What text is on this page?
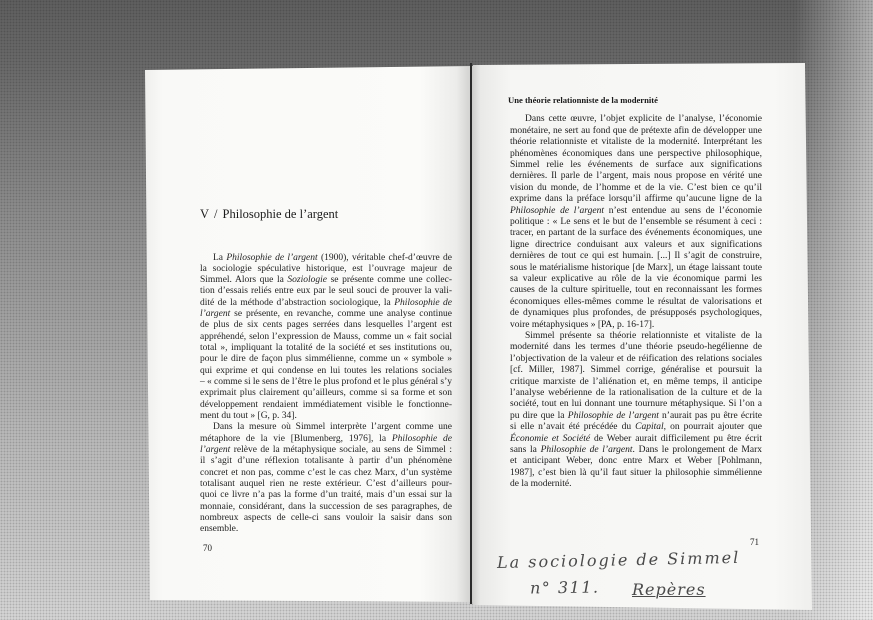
V / Philosophie de l’argent
La Philosophie de l’argent (1900), véritable chef-d’œuvre de
la sociologie spéculative historique, est l’ouvrage majeur de
Simmel. Alors que la Soziologie se présente comme une collec-
tion d’essais reliés entre eux par le seul souci de prouver la vali-
dité de la méthode d’abstraction sociologique, la Philosophie de
l’argent se présente, en revanche, comme une analyse continue
de plus de six cents pages serrées dans lesquelles l’argent est
appréhendé, selon l’expression de Mauss, comme un « fait social
total », impliquant la totalité de la société et ses institutions ou,
pour le dire de façon plus simmélienne, comme un « symbole »
qui exprime et qui condense en lui toutes les relations sociales
– « comme si le sens de l’être le plus profond et le plus général s’y
exprimait plus clairement qu’ailleurs, comme si sa forme et son
développement rendaient immédiatement visible le fonctionne-
ment du tout » [G, p. 34].
Dans la mesure où Simmel interprète l’argent comme une
métaphore de la vie [Blumenberg, 1976], la Philosophie de
l’argent relève de la métaphysique sociale, au sens de Simmel :
il s’agit d’une réflexion totalisante à partir d’un phénomène
concret et non pas, comme c’est le cas chez Marx, d’un système
totalisant auquel rien ne reste extérieur. C’est d’ailleurs pour-
quoi ce livre n’a pas la forme d’un traité, mais d’un essai sur la
monnaie, considérant, dans la succession de ses paragraphes, de
nombreux aspects de celle-ci sans vouloir la saisir dans son
ensemble.
70
Une théorie relationniste de la modernité
Dans cette œuvre, l’objet explicite de l’analyse, l’économie
monétaire, ne sert au fond que de prétexte afin de développer une
théorie relationniste et vitaliste de la modernité. Interprétant les
phénomènes économiques dans une perspective philosophique,
Simmel relie les événements de surface aux significations
dernières. Il parle de l’argent, mais nous propose en vérité une
vision du monde, de l’homme et de la vie. C’est bien ce qu’il
exprime dans la préface lorsqu’il affirme qu’aucune ligne de la
Philosophie de l’argent n’est entendue au sens de l’économie
politique : « Le sens et le but de l’ensemble se résument à ceci :
tracer, en partant de la surface des événements économiques, une
ligne directrice conduisant aux valeurs et aux significations
dernières de tout ce qui est humain. [...] Il s’agit de construire,
sous le matérialisme historique [de Marx], un étage laissant toute
sa valeur explicative au rôle de la vie économique parmi les
causes de la culture spirituelle, tout en reconnaissant les formes
économiques elles-mêmes comme le résultat de valorisations et
de dynamiques plus profondes, de présupposés psychologiques,
voire métaphysiques » [PA, p. 16-17].
Simmel présente sa théorie relationniste et vitaliste de la
modernité dans les termes d’une théorie pseudo-hegélienne de
l’objectivation de la valeur et de réification des relations sociales
[cf. Miller, 1987]. Simmel corrige, généralise et poursuit la
critique marxiste de l’aliénation et, en même temps, il anticipe
l’analyse webérienne de la rationalisation de la culture et de la
société, tout en lui donnant une tournure métaphysique. Si l’on a
pu dire que la Philosophie de l’argent n’aurait pas pu être écrite
si elle n’avait été précédée du Capital, on pourrait ajouter que
Économie et Société de Weber aurait difficilement pu être écrit
sans la Philosophie de l’argent. Dans le prolongement de Marx
et anticipant Weber, donc entre Marx et Weber [Pohlmann,
1987], c’est bien là qu’il faut situer la philosophie simmélienne
de la modernité.
71
La sociologie de Simmel
n° 311. Repères
